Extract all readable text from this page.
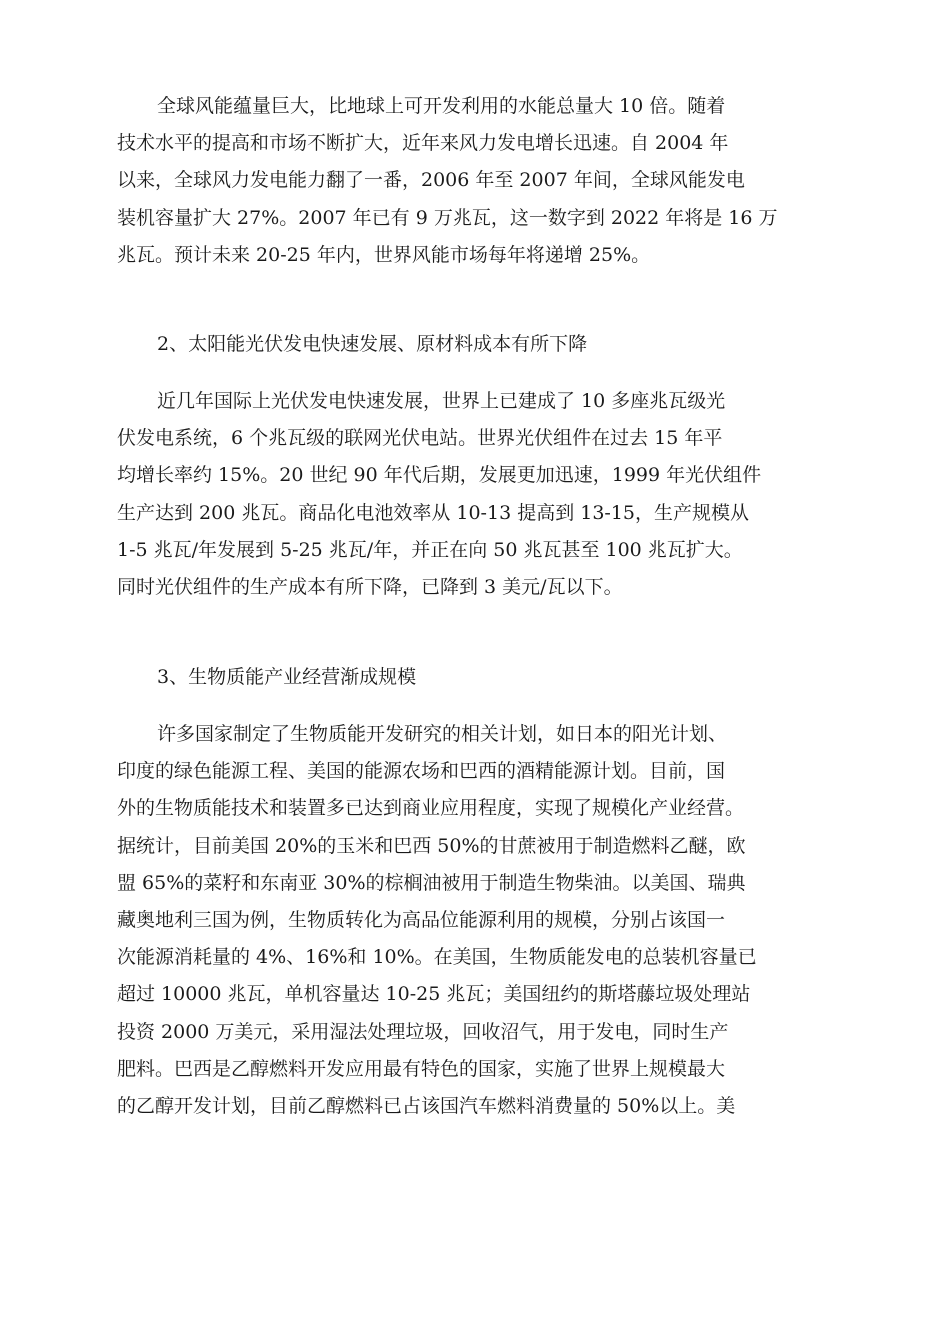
全球风能蕴量巨大，比地球上可开发利用的水能总量大 10 倍。随着
技术水平的提高和市场不断扩大，近年来风力发电增长迅速。自 2004 年
以来，全球风力发电能力翻了一番，2006 年至 2007 年间，全球风能发电
装机容量扩大 27%。2007 年已有 9 万兆瓦，这一数字到 2022 年将是 16 万
兆瓦。预计未来 20-25 年内，世界风能市场每年将递增 25%。
2、太阳能光伏发电快速发展、原材料成本有所下降
近几年国际上光伏发电快速发展，世界上已建成了 10 多座兆瓦级光
伏发电系统，6 个兆瓦级的联网光伏电站。世界光伏组件在过去 15 年平
均增长率约 15%。20 世纪 90 年代后期，发展更加迅速，1999 年光伏组件
生产达到 200 兆瓦。商品化电池效率从 10-13 提高到 13-15，生产规模从
1-5 兆瓦/年发展到 5-25 兆瓦/年，并正在向 50 兆瓦甚至 100 兆瓦扩大。
同时光伏组件的生产成本有所下降，已降到 3 美元/瓦以下。
3、生物质能产业经营渐成规模
许多国家制定了生物质能开发研究的相关计划，如日本的阳光计划、
印度的绿色能源工程、美国的能源农场和巴西的酒精能源计划。目前，国
外的生物质能技术和装置多已达到商业应用程度，实现了规模化产业经营。
据统计，目前美国 20%的玉米和巴西 50%的甘蔗被用于制造燃料乙醚，欧
盟 65%的菜籽和东南亚 30%的棕榈油被用于制造生物柴油。以美国、瑞典
藏奥地利三国为例，生物质转化为高品位能源利用的规模，分别占该国一
次能源消耗量的 4%、16%和 10%。在美国，生物质能发电的总装机容量已
超过 10000 兆瓦，单机容量达 10-25 兆瓦；美国纽约的斯塔藤垃圾处理站
投资 2000 万美元，采用湿法处理垃圾，回收沼气，用于发电，同时生产
肥料。巴西是乙醇燃料开发应用最有特色的国家，实施了世界上规模最大
的乙醇开发计划，目前乙醇燃料已占该国汽车燃料消费量的 50%以上。美
